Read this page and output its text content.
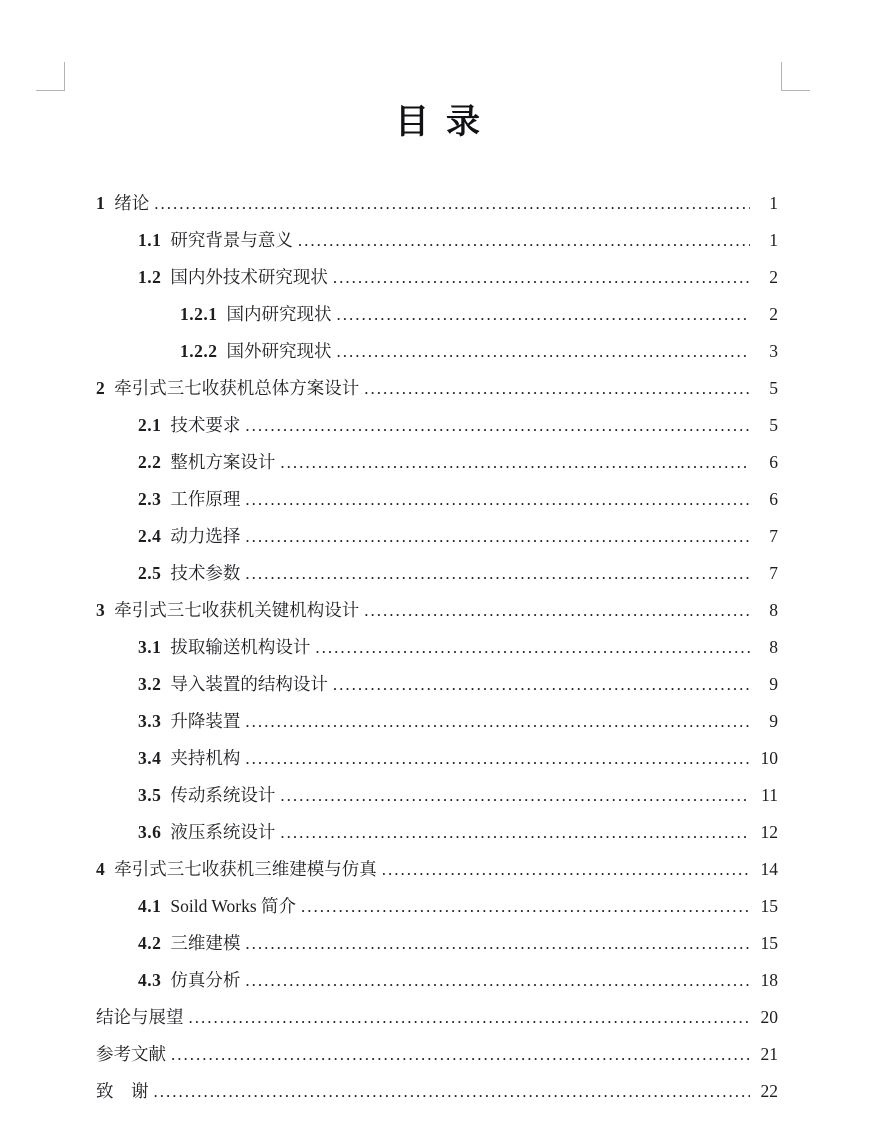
目  录
1 绪论 .....	1
1.1 研究背景与意义 .....	1
1.2 国内外技术研究现状 .....	2
1.2.1 国内研究现状 .....	2
1.2.2 国外研究现状 .....	3
2 牵引式三七收获机总体方案设计 .....	5
2.1 技术要求 .....	5
2.2 整机方案设计 .....	6
2.3 工作原理 .....	6
2.4 动力选择 .....	7
2.5 技术参数 .....	7
3 牵引式三七收获机关键机构设计 .....	8
3.1 拔取输送机构设计 .....	8
3.2 导入装置的结构设计 .....	9
3.3 升降装置 .....	9
3.4 夹持机构 .....	10
3.5 传动系统设计 .....	11
3.6 液压系统设计 .....	12
4 牵引式三七收获机三维建模与仿真 .....	14
4.1 Soild Works 简介 .....	15
4.2 三维建模 .....	15
4.3 仿真分析 .....	18
结论与展望 .....	20
参考文献 .....	21
致　谢 .....	22
